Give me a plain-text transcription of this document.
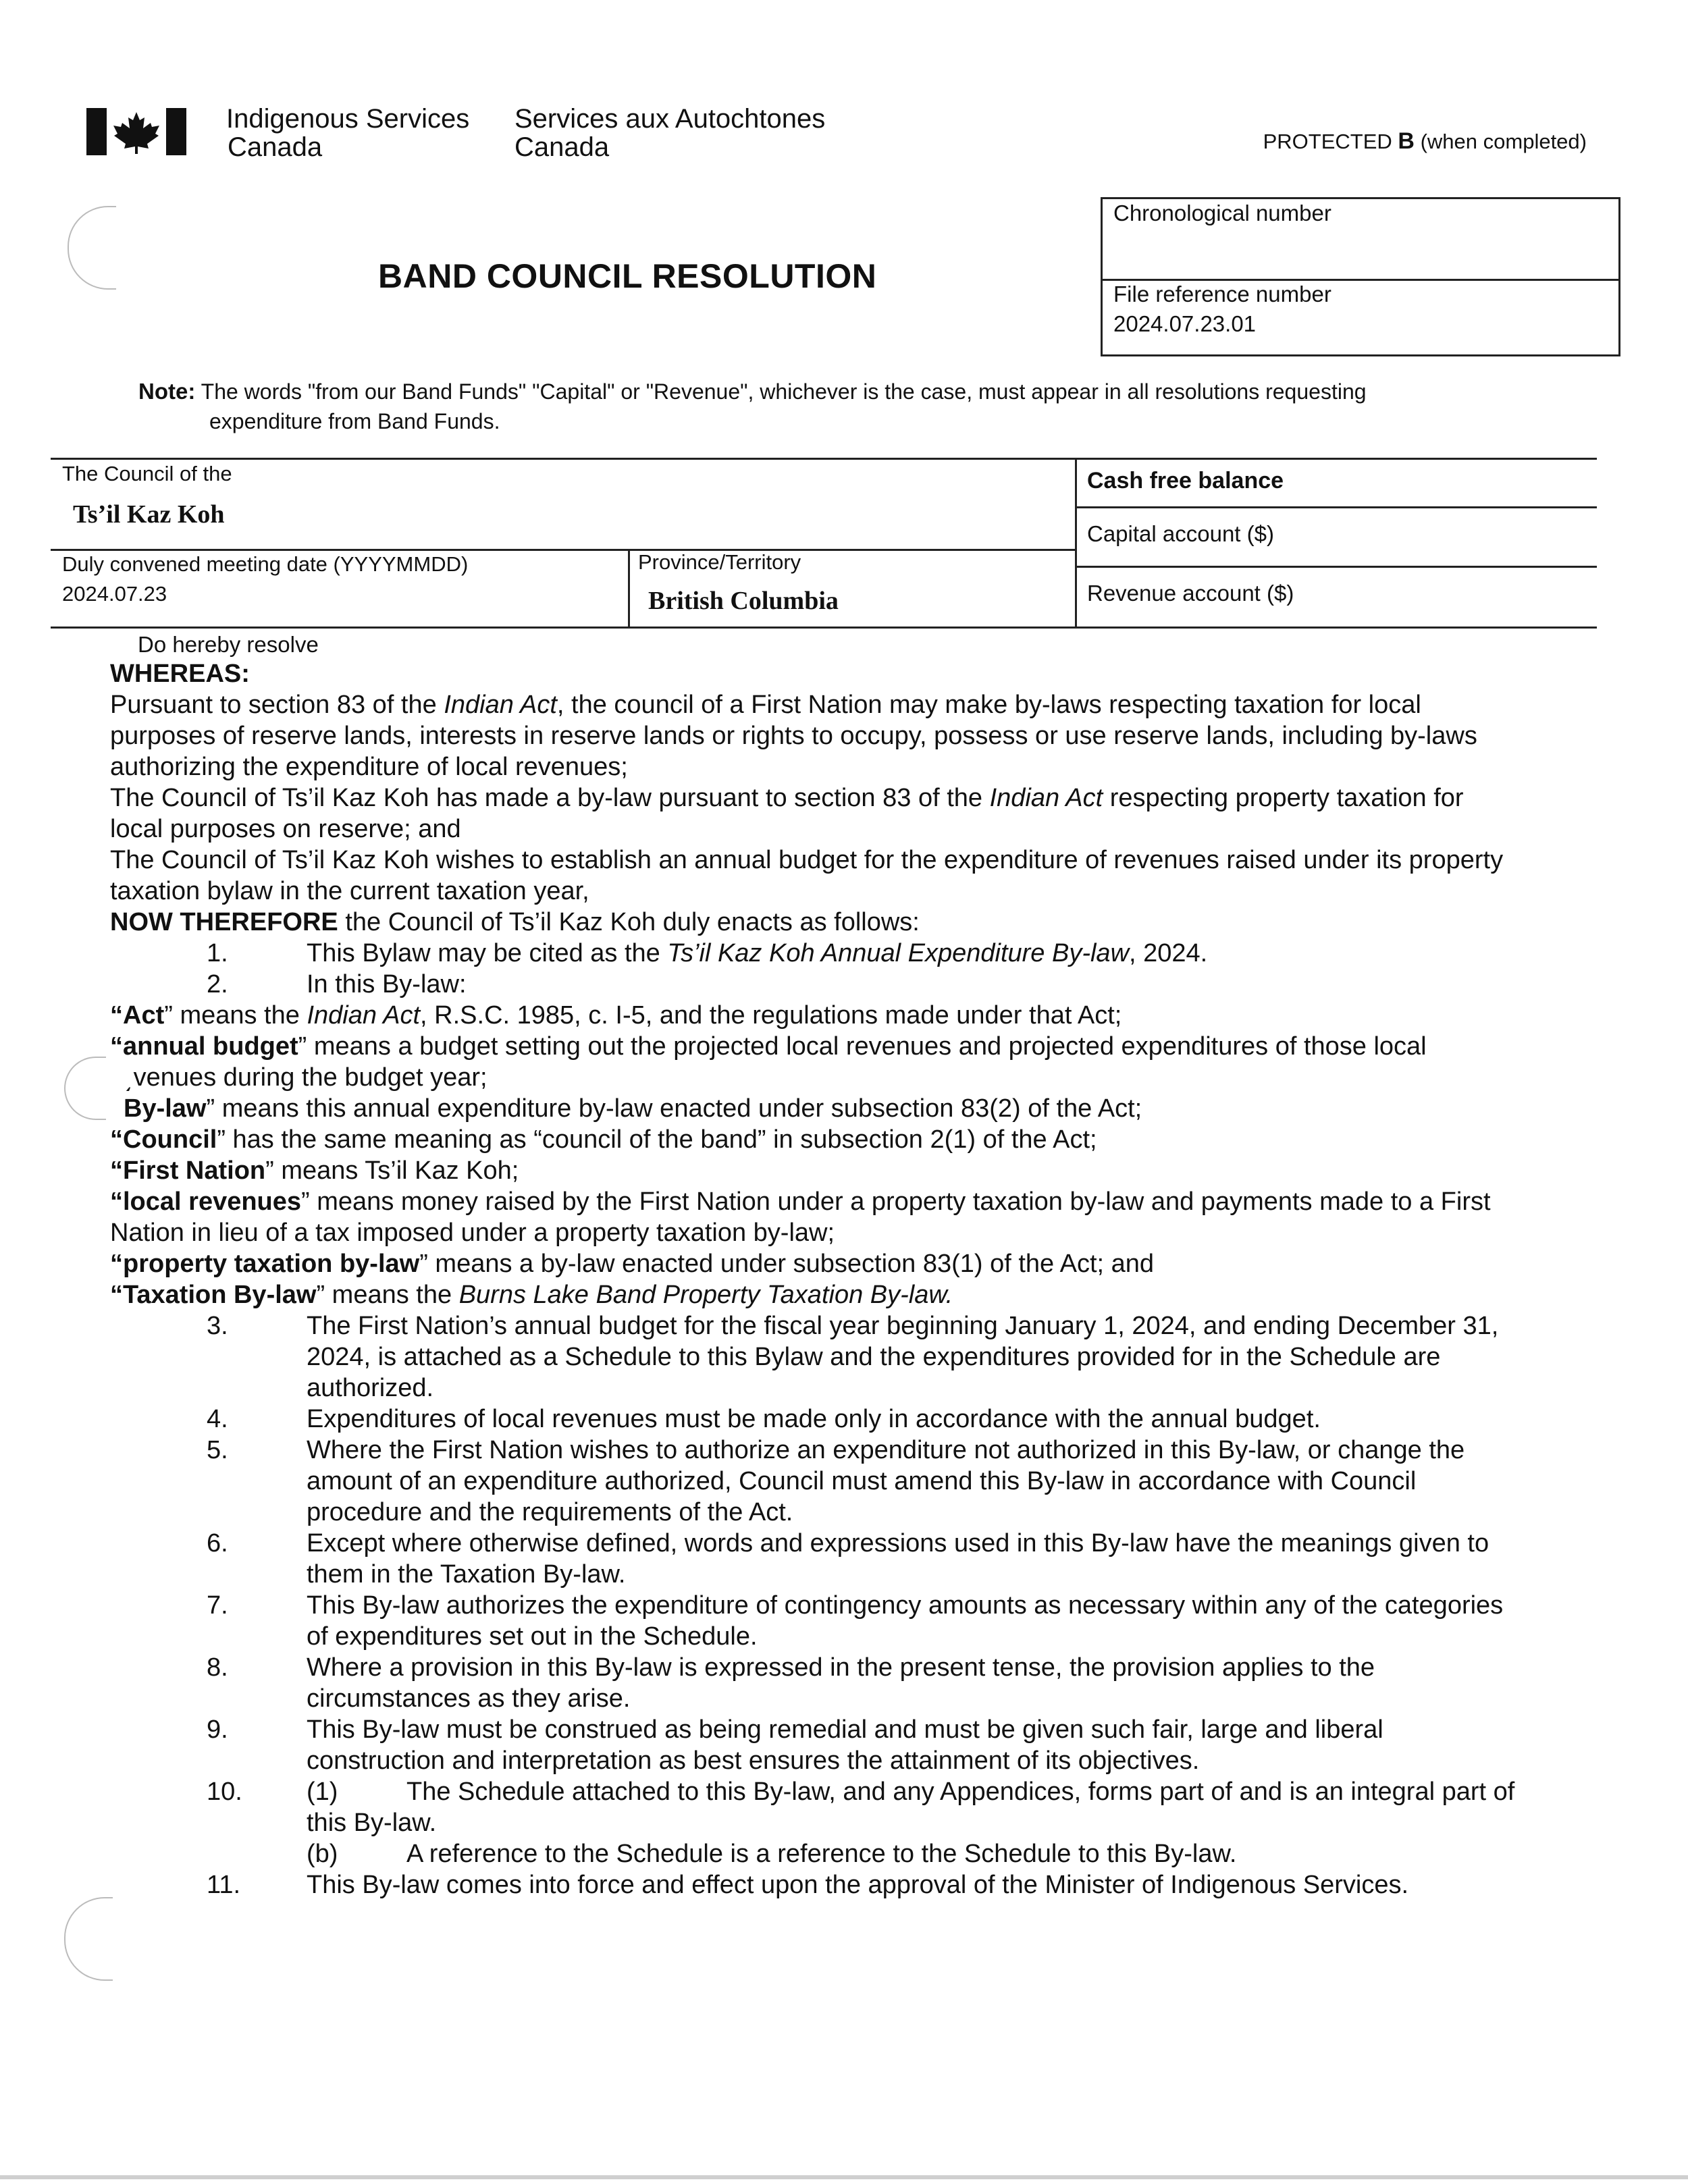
Indigenous Services
Canada
Services aux Autochtones
Canada	PROTECTED B (when completed)
BAND COUNCIL RESOLUTION
Chronological number
File reference number
2024.07.23.01
Note: The words "from our Band Funds" "Capital" or "Revenue", whichever is the case, must appear in all resolutions requesting
expenditure from Band Funds.
The Council of the
Ts’il Kaz Koh
Duly convened meeting date (YYYYMMDD)
2024.07.23
Province/Territory
British Columbia
Cash free balance
Capital account ($)
Revenue account ($)
Do hereby resolve

WHEREAS:

Pursuant to section 83 of the Indian Act, the council of a First Nation may make by-laws respecting taxation for local

purposes of reserve lands, interests in reserve lands or rights to occupy, possess or use reserve lands, including by-laws

authorizing the expenditure of local revenues;

The Council of Ts’il Kaz Koh has made a by-law pursuant to section 83 of the Indian Act respecting property taxation for

local purposes on reserve; and

The Council of Ts’il Kaz Koh wishes to establish an annual budget for the expenditure of revenues raised under its property

taxation bylaw in the current taxation year,

NOW THEREFORE the Council of Ts’il Kaz Koh duly enacts as follows:

1.	This Bylaw may be cited as the Ts’il Kaz Koh Annual Expenditure By-law, 2024.

2.	In this By-law:

“Act” means the Indian Act, R.S.C. 1985, c. I-5, and the regulations made under that Act;

“annual budget” means a budget setting out the projected local revenues and projected expenditures of those local

͵venues during the budget year;

By-law” means this annual expenditure by-law enacted under subsection 83(2) of the Act;

“Council” has the same meaning as “council of the band” in subsection 2(1) of the Act;

“First Nation” means Ts’il Kaz Koh;

“local revenues” means money raised by the First Nation under a property taxation by-law and payments made to a First

Nation in lieu of a tax imposed under a property taxation by-law;

“property taxation by-law” means a by-law enacted under subsection 83(1) of the Act; and

“Taxation By-law” means the Burns Lake Band Property Taxation By-law.

3.	The First Nation’s annual budget for the fiscal year beginning January 1, 2024, and ending December 31,

2024, is attached as a Schedule to this Bylaw and the expenditures provided for in the Schedule are

authorized.

4.	Expenditures of local revenues must be made only in accordance with the annual budget.

5.	Where the First Nation wishes to authorize an expenditure not authorized in this By-law, or change the

amount of an expenditure authorized, Council must amend this By-law in accordance with Council

procedure and the requirements of the Act.

6.	Except where otherwise defined, words and expressions used in this By-law have the meanings given to

them in the Taxation By-law.

7.	This By-law authorizes the expenditure of contingency amounts as necessary within any of the categories

of expenditures set out in the Schedule.

8.	Where a provision in this By-law is expressed in the present tense, the provision applies to the

circumstances as they arise.

9.	This By-law must be construed as being remedial and must be given such fair, large and liberal

construction and interpretation as best ensures the attainment of its objectives.

10.	(1)	The Schedule attached to this By-law, and any Appendices, forms part of and is an integral part of

this By-law.

(b)	A reference to the Schedule is a reference to the Schedule to this By-law.

11.	This By-law comes into force and effect upon the approval of the Minister of Indigenous Services.
